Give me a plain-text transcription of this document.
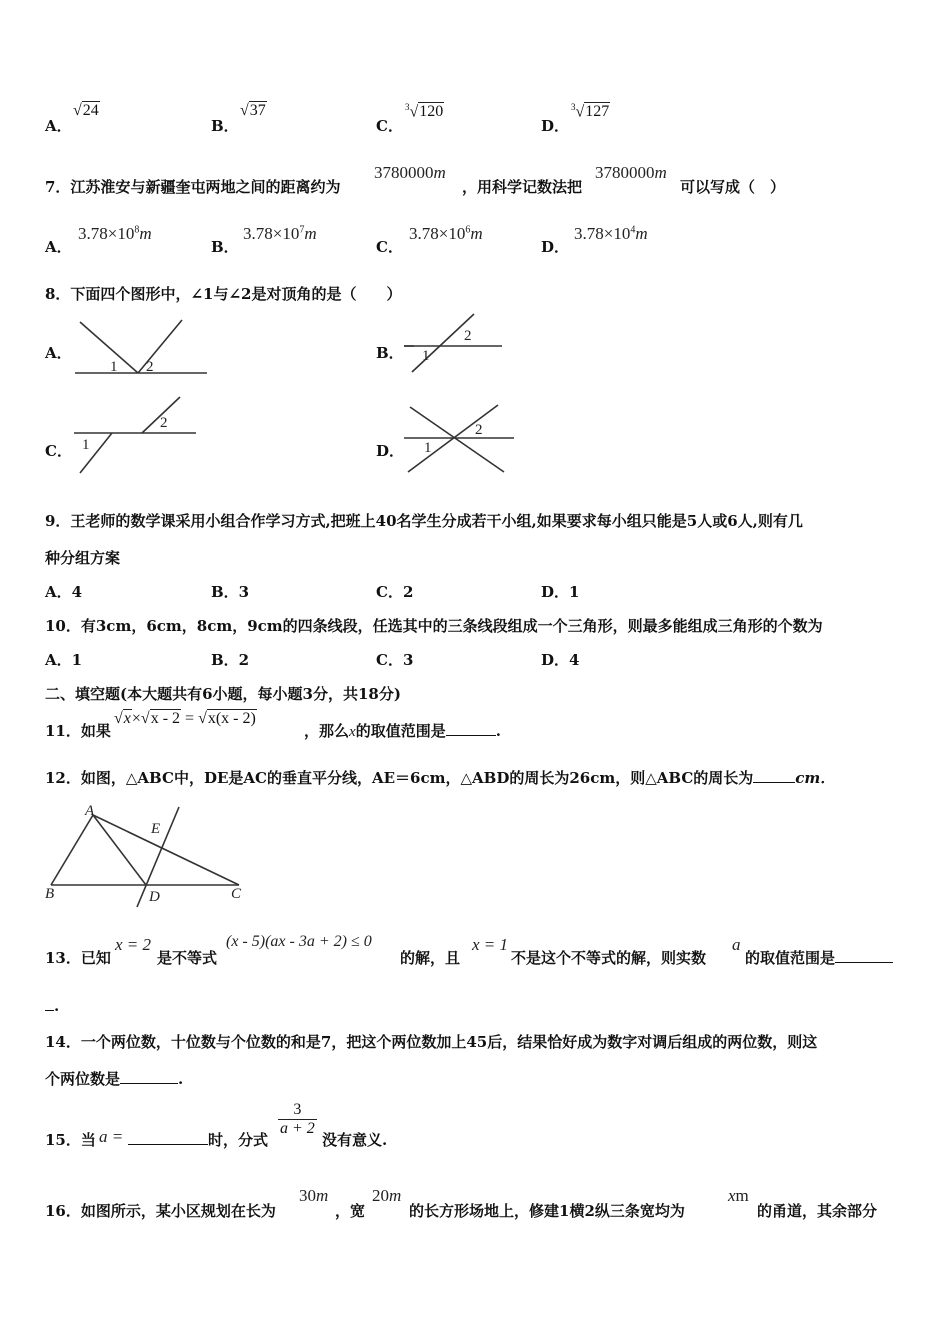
A．
√24
B．
√37
C．
$^3$√120
D．
$^3$√127
7．江苏淮安与新疆奎屯两地之间的距离约为
3780000m
，用科学记数法把
3780000m
可以写成（　）
A．
$3.78\times 10^8m$
B．
$3.78\times 10^7m$
C．
$3.78\times 10^6m$
D．
$3.78\times 10^4m$
8．下面四个图形中，∠1与∠2是对顶角的是（　　）
A．
1 2
B． 1
2
C． 1
2
D． 1
2
9．王老师的数学课采用小组合作学习方式,把班上40名学生分成若干小组,如果要求每小组只能是5人或6人,则有几
种分组方案
A．4	B．3	C．2	D．1
10．有3cm，6cm，8cm，9cm的四条线段，任选其中的三条线段组成一个三角形，则最多能组成三角形的个数为
A．1	B．2	C．3	D．4
二、填空题(本大题共有6小题，每小题3分，共18分)
11．如果
√x×√x - 2 = √x(x - 2)
，那么x的取值范围是	.
12．如图，△ABC中，DE是AC的垂直平分线，AE＝6cm，△ABD的周长为26cm，则△ABC的周长为	cm．
A
E
B	D	C
13．已知
x = 2
是不等式
(x - 5)(ax - 3a + 2) ≤ 0
的解，且
x = 1
不是这个不等式的解，则实数
a
的取值范围是
.
14．一个两位数，十位数与个位数的和是7，把这个两位数加上45后，结果恰好成为数字对调后组成的两位数，则这
个两位数是	.
15．当 a =	时，分式
$\frac{3}{a + 2}$
没有意义.
16．如图所示，某小区规划在长为
30m
，宽
20m
的长方形场地上，修建1横2纵三条宽均为
xm
的甬道，其余部分
